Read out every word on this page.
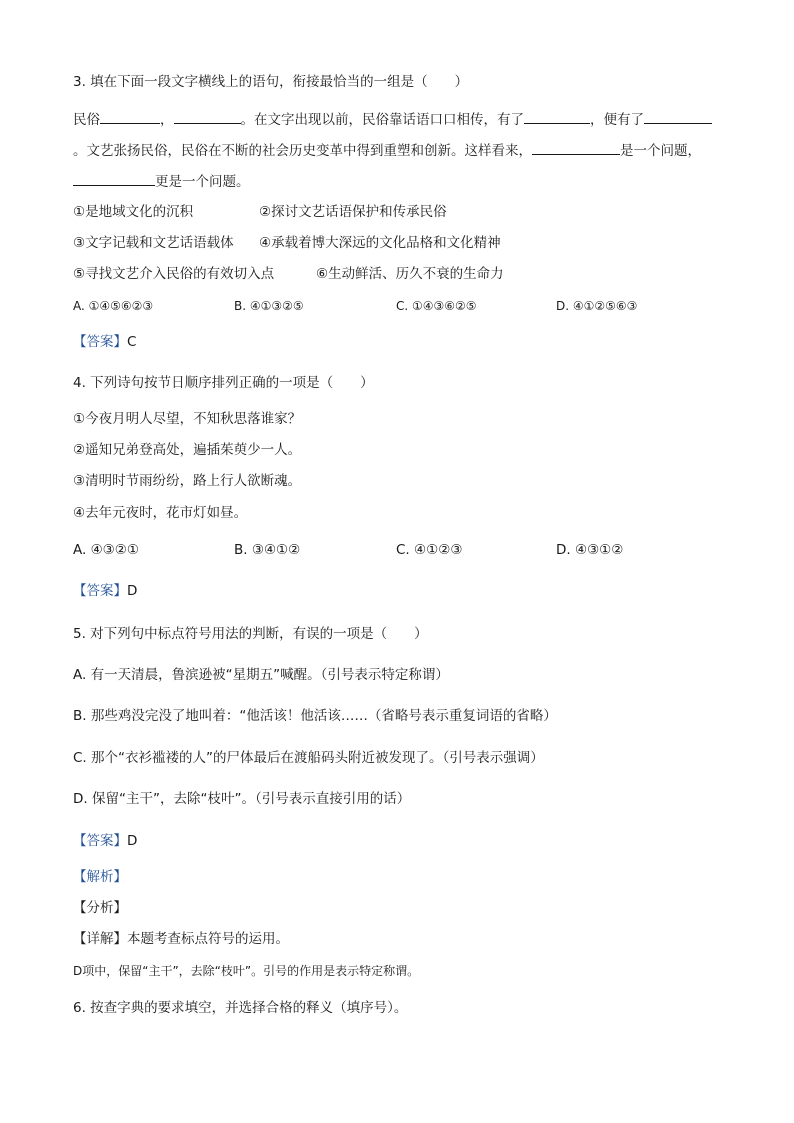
3. 填在下面一段文字横线上的语句，衔接最恰当的一组是（　　）
民俗	，	。在文字出现以前，民俗靠话语口口相传，有了	，便有了
。文艺张扬民俗，民俗在不断的社会历史变革中得到重塑和创新。这样看来，	是一个问题，
更是一个问题。
①是地域文化的沉积	②探讨文艺话语保护和传承民俗
③文字记载和文艺话语载体 ④承载着博大深远的文化品格和文化精神
⑤寻找文艺介入民俗的有效切入点	⑥生动鲜活、历久不衰的生命力
A. ①④⑤⑥②③	B. ④①③②⑤	C. ①④③⑥②⑤	D. ④①②⑤⑥③
【答案】C
4. 下列诗句按节日顺序排列正确的一项是（　　）
①今夜月明人尽望，不知秋思落谁家？
②遥知兄弟登高处，遍插茱萸少一人。
③清明时节雨纷纷，路上行人欲断魂。
④去年元夜时，花市灯如昼。
A. ④③②①	B. ③④①②	C. ④①②③	D. ④③①②
【答案】D
5. 对下列句中标点符号用法的判断，有误的一项是（　　）
A. 有一天清晨，鲁滨逊被“星期五”喊醒。（引号表示特定称谓）
B. 那些鸡没完没了地叫着：“他活该！他活该……（省略号表示重复词语的省略）
C. 那个“衣衫褴褛的人”的尸体最后在渡船码头附近被发现了。（引号表示强调）
D. 保留“主干”，去除“枝叶”。（引号表示直接引用的话）
【答案】D
【解析】
【分析】
【详解】本题考查标点符号的运用。
D项中，保留“主干”，去除“枝叶”。引号的作用是表示特定称谓。
6. 按查字典的要求填空，并选择合格的释义（填序号）。
